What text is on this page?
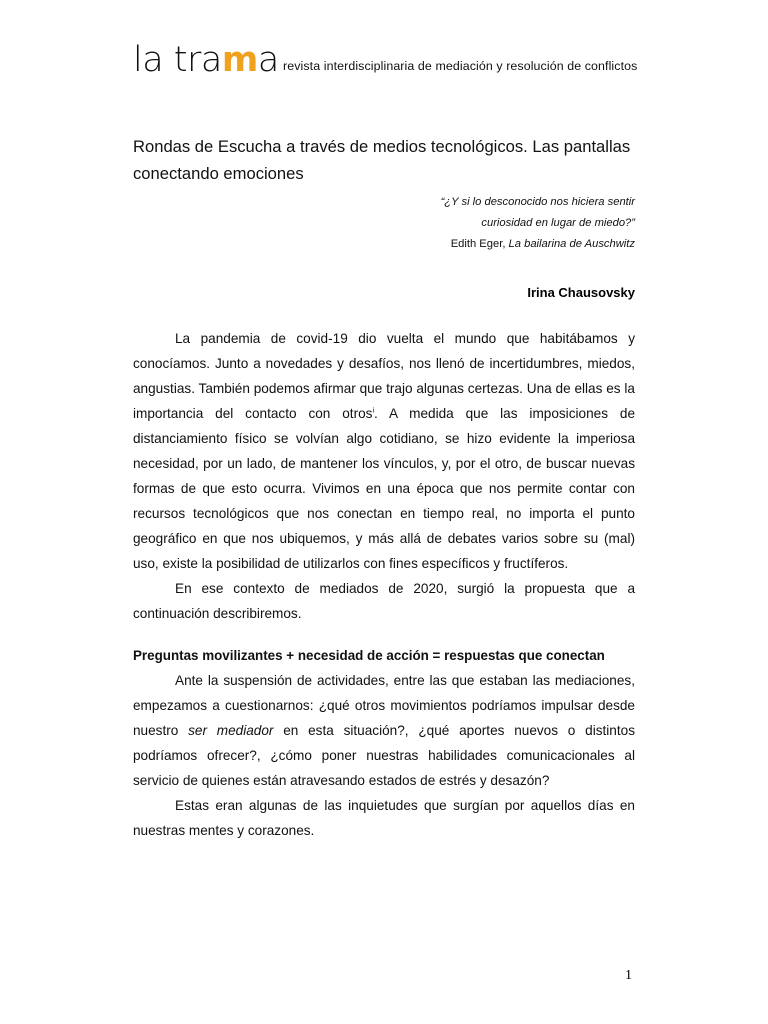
la trama revista interdisciplinaria de mediación y resolución de conflictos
Rondas de Escucha a través de medios tecnológicos. Las pantallas conectando emociones
“¿Y si lo desconocido nos hiciera sentir
curiosidad en lugar de miedo?”
Edith Eger, La bailarina de Auschwitz
Irina Chausovsky

La pandemia de covid-19 dio vuelta el mundo que habitábamos y conocíamos. Junto a novedades y desafíos, nos llenó de incertidumbres, miedos, angustias. También podemos afirmar que trajo algunas certezas. Una de ellas es la importancia del contacto con otros$^i$. A medida que las imposiciones de distanciamiento físico se volvían algo cotidiano, se hizo evidente la imperiosa necesidad, por un lado, de mantener los vínculos, y, por el otro, de buscar nuevas formas de que esto ocurra. Vivimos en una época que nos permite contar con recursos tecnológicos que nos conectan en tiempo real, no importa el punto geográfico en que nos ubiquemos, y más allá de debates varios sobre su (mal) uso, existe la posibilidad de utilizarlos con fines específicos y fructíferos.

En ese contexto de mediados de 2020, surgió la propuesta que a continuación describiremos.

Preguntas movilizantes + necesidad de acción = respuestas que conectan

Ante la suspensión de actividades, entre las que estaban las mediaciones, empezamos a cuestionarnos: ¿qué otros movimientos podríamos impulsar desde nuestro ser mediador en esta situación?, ¿qué aportes nuevos o distintos podríamos ofrecer?, ¿cómo poner nuestras habilidades comunicacionales al servicio de quienes están atravesando estados de estrés y desazón?

Estas eran algunas de las inquietudes que surgían por aquellos días en nuestras mentes y corazones.

1
